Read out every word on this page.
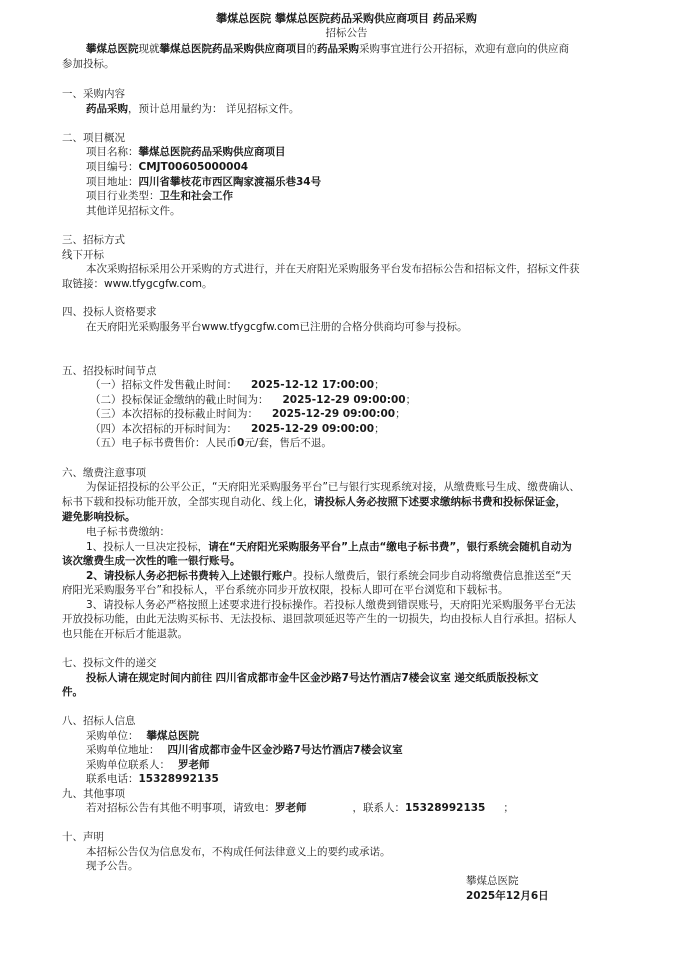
攀煤总医院 攀煤总医院药品采购供应商项目 药品采购
招标公告
攀煤总医院现就攀煤总医院药品采购供应商项目的药品采购采购事宜进行公开招标，欢迎有意向的供应商
参加投标。
一、采购内容
药品采购，预计总用量约为： 详见招标文件。
二、项目概况
项目名称：攀煤总医院药品采购供应商项目
项目编号：CMJT00605000004
项目地址：四川省攀枝花市西区陶家渡福乐巷34号
项目行业类型：卫生和社会工作
其他详见招标文件。
三、招标方式
线下开标
本次采购招标采用公开采购的方式进行，并在天府阳光采购服务平台发布招标公告和招标文件，招标文件获
取链接：www.tfygcgfw.com。
四、投标人资格要求
在天府阳光采购服务平台www.tfygcgfw.com已注册的合格分供商均可参与投标。
五、招投标时间节点
（一）招标文件发售截止时间： 2025-12-12 17:00:00；
（二）投标保证金缴纳的截止时间为： 2025-12-29 09:00:00；
（三）本次招标的投标截止时间为： 2025-12-29 09:00:00；
（四）本次招标的开标时间为： 2025-12-29 09:00:00；
（五）电子标书费售价：人民币0元/套，售后不退。
六、缴费注意事项
为保证招投标的公平公正，“天府阳光采购服务平台”已与银行实现系统对接，从缴费账号生成、缴费确认、
标书下载和投标功能开放，全部实现自动化、线上化，请投标人务必按照下述要求缴纳标书费和投标保证金，
避免影响投标。
电子标书费缴纳：
1、投标人一旦决定投标，请在“天府阳光采购服务平台”上点击“缴电子标书费”，银行系统会随机自动为
该次缴费生成一次性的唯一银行账号。
2、请投标人务必把标书费转入上述银行账户。投标人缴费后，银行系统会同步自动将缴费信息推送至“天
府阳光采购服务平台”和投标人，平台系统亦同步开放权限，投标人即可在平台浏览和下载标书。
3、请投标人务必严格按照上述要求进行投标操作。若投标人缴费到错误账号，天府阳光采购服务平台无法
开放投标功能，由此无法购买标书、无法投标、退回款项延迟等产生的一切损失，均由投标人自行承担。招标人
也只能在开标后才能退款。
七、投标文件的递交
投标人请在规定时间内前往 四川省成都市金牛区金沙路7号达竹酒店7楼会议室 递交纸质版投标文
件。
八、招标人信息
采购单位： 攀煤总医院
采购单位地址： 四川省成都市金牛区金沙路7号达竹酒店7楼会议室
采购单位联系人： 罗老师
联系电话：15328992135
九、其他事项
若对招标公告有其他不明事项，请致电：罗老师	，联系人：15328992135 ；
十、声明
本招标公告仅为信息发布，不构成任何法律意义上的要约或承诺。
现予公告。
攀煤总医院
2025年12月6日
